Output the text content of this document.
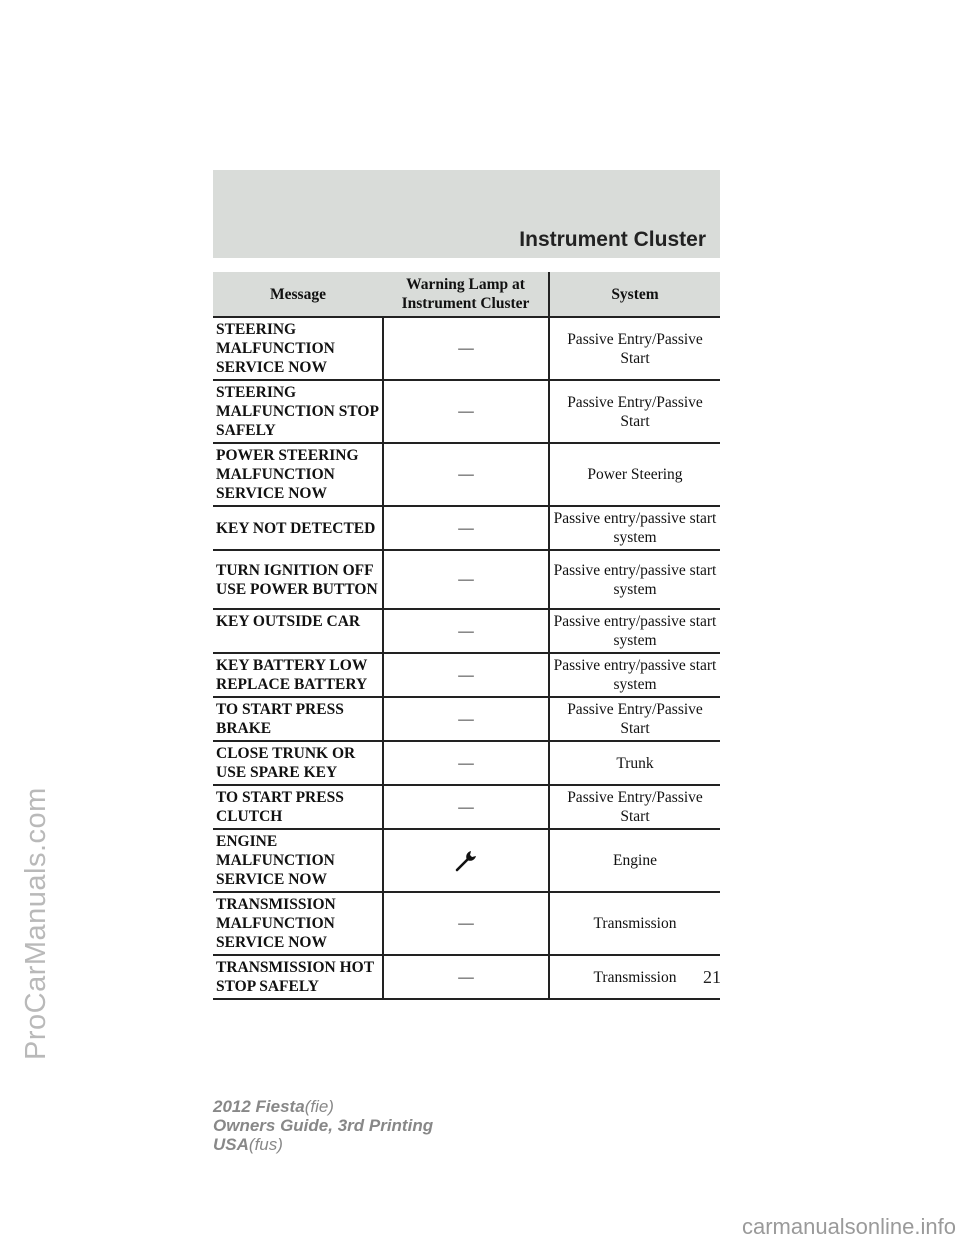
ProCarManuals.com
Instrument Cluster
Message	Warning Lamp at Instrument Cluster	System
STEERING MALFUNCTION SERVICE NOW	—	Passive Entry/Passive Start
STEERING MALFUNCTION STOP SAFELY	—	Passive Entry/Passive Start
POWER STEERING MALFUNCTION SERVICE NOW	—	Power Steering
KEY NOT DETECTED	—	Passive entry/passive start system
TURN IGNITION OFF USE POWER BUTTON	—	Passive entry/passive start system
KEY OUTSIDE CAR	—	Passive entry/passive start system
KEY BATTERY LOW REPLACE BATTERY	—	Passive entry/passive start system
TO START PRESS BRAKE	—	Passive Entry/Passive Start
CLOSE TRUNK OR USE SPARE KEY	—	Trunk
TO START PRESS CLUTCH	—	Passive Entry/Passive Start
ENGINE MALFUNCTION SERVICE NOW		Engine
TRANSMISSION MALFUNCTION SERVICE NOW	—	Transmission
TRANSMISSION HOT STOP SAFELY	—	Transmission 21
2012 Fiesta(fie)
Owners Guide, 3rd Printing
USA(fus)
carmanualsonline.info
